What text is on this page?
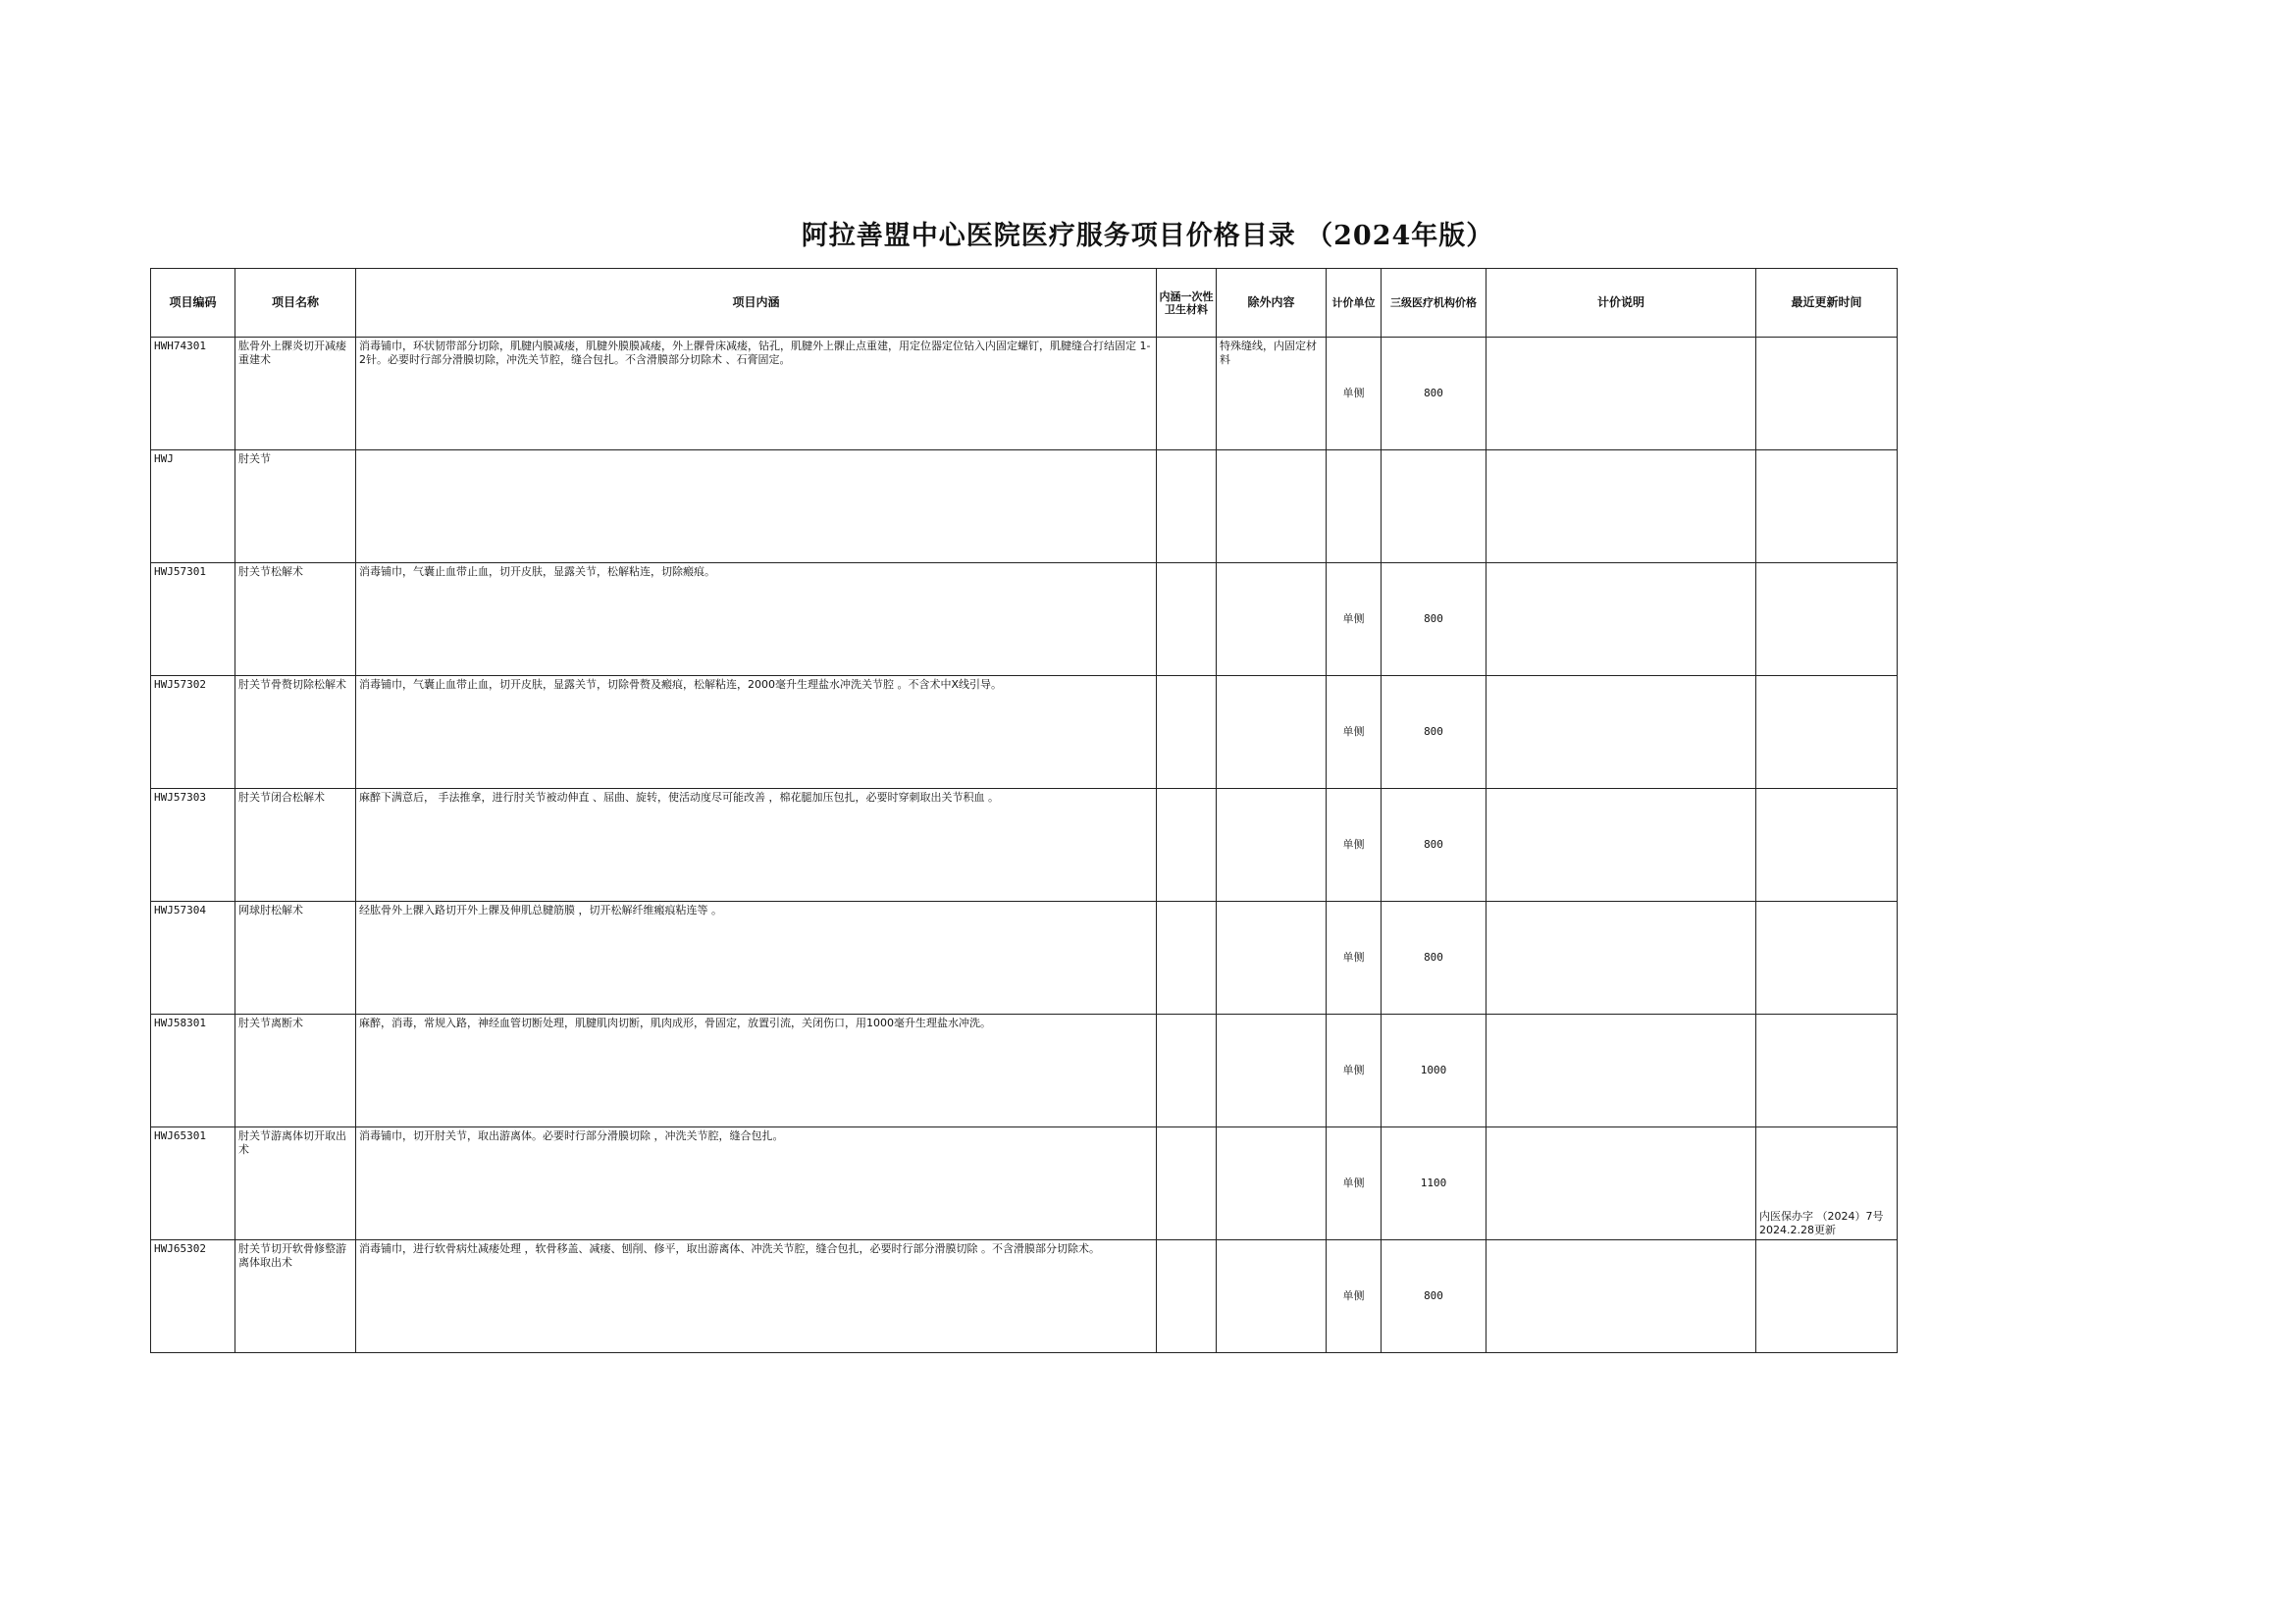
阿拉善盟中心医院医疗服务项目价格目录 （2024年版）
项目编码	项目名称	项目内涵	内涵一次性卫生材料	除外内容	计价单位	三级医疗机构价格	计价说明	最近更新时间
HWH74301	肱骨外上髁炎切开减瘘重建术	消毒铺巾，环状韧带部分切除，肌腱内膜减瘘，肌腱外膜膜减瘘，外上髁骨床减瘘，钻孔，肌腱外上髁止点重建，用定位器定位钻入内固定螺钉，肌腱缝合打结固定 1-2针。必要时行部分滑膜切除，冲洗关节腔，缝合包扎。不含滑膜部分切除术 、石膏固定。		特殊缝线，内固定材料	单侧	800		
HWJ	肘关节							
HWJ57301	肘关节松解术	消毒铺巾，气囊止血带止血，切开皮肤，显露关节，松解粘连，切除瘢痕。			单侧	800		
HWJ57302	肘关节骨赘切除松解术	消毒铺巾，气囊止血带止血，切开皮肤，显露关节，切除骨赘及瘢痕，松解粘连，2000毫升生理盐水冲洗关节腔 。不含术中X线引导。			单侧	800		
HWJ57303	肘关节闭合松解术	麻醉下满意后， 手法推拿，进行肘关节被动伸直 、屈曲、旋转，使活动度尽可能改善 ，棉花腿加压包扎，必要时穿刺取出关节积血 。			单侧	800		
HWJ57304	网球肘松解术	经肱骨外上髁入路切开外上髁及伸肌总腱筋膜 ，切开松解纤维瘢痕粘连等 。			单侧	800		
HWJ58301	肘关节离断术	麻醉，消毒，常规入路，神经血管切断处理，肌腱肌肉切断，肌肉成形，骨固定，放置引流，关闭伤口，用1000毫升生理盐水冲洗。			单侧	1000		
HWJ65301	肘关节游离体切开取出术	消毒铺巾，切开肘关节，取出游离体。必要时行部分滑膜切除 ，冲洗关节腔，缝合包扎。			单侧	1100		内医保办字 （2024）7号 2024.2.28更新
HWJ65302	肘关节切开软骨修整游离体取出术	消毒铺巾，进行软骨病灶减瘘处理 ，软骨移盖、减瘘、刨削、修平，取出游离体、冲洗关节腔，缝合包扎，必要时行部分滑膜切除 。不含滑膜部分切除术。			单侧	800		
